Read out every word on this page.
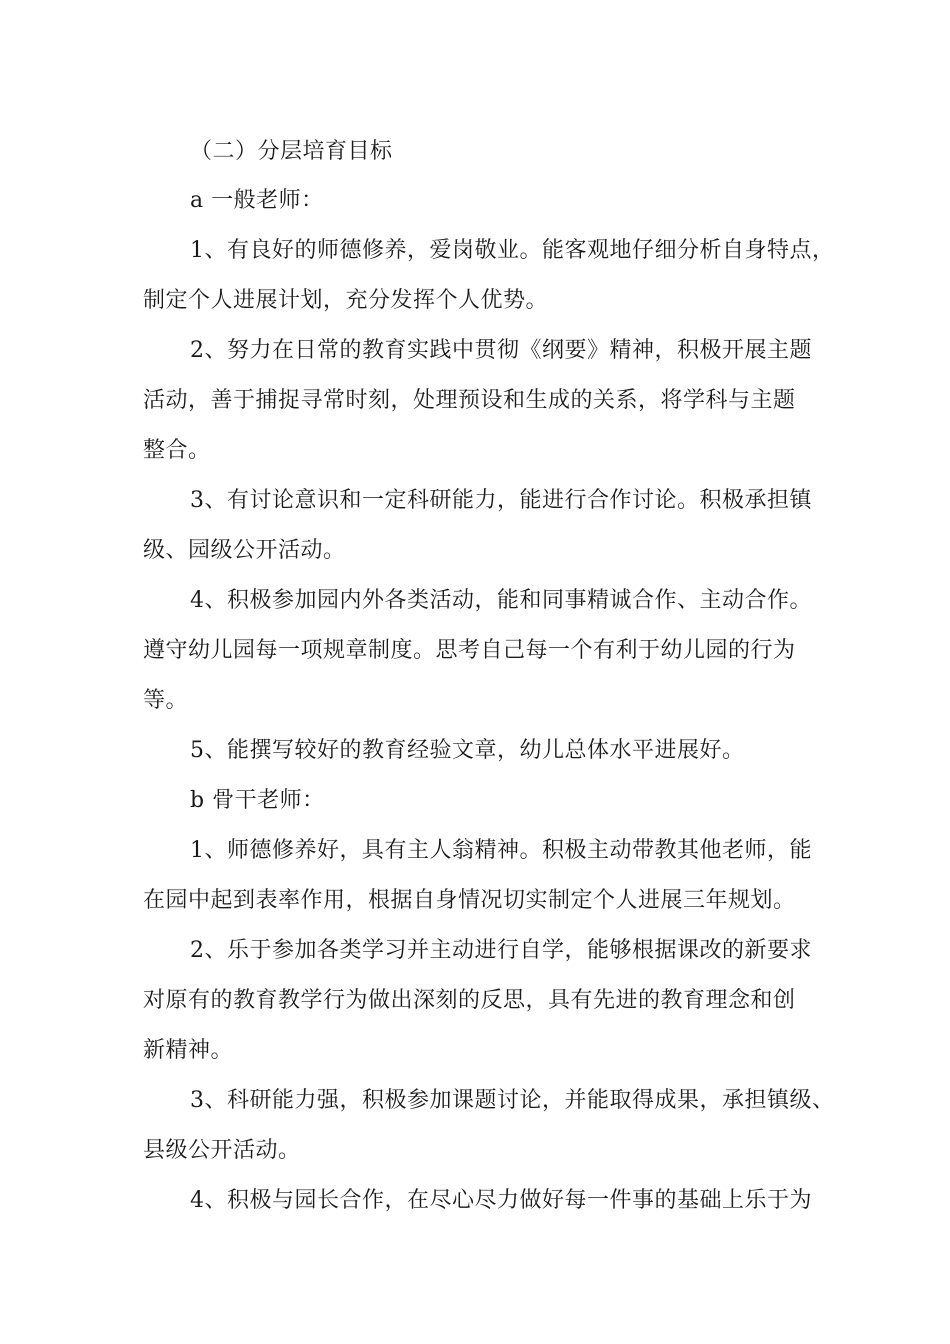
（二）分层培育目标
a 一般老师：
1、有良好的师德修养，爱岗敬业。能客观地仔细分析自身特点，
制定个人进展计划，充分发挥个人优势。
2、努力在日常的教育实践中贯彻《纲要》精神，积极开展主题
活动，善于捕捉寻常时刻，处理预设和生成的关系，将学科与主题
整合。
3、有讨论意识和一定科研能力，能进行合作讨论。积极承担镇
级、园级公开活动。
4、积极参加园内外各类活动，能和同事精诚合作、主动合作。
遵守幼儿园每一项规章制度。思考自己每一个有利于幼儿园的行为
等。
5、能撰写较好的教育经验文章，幼儿总体水平进展好。
b 骨干老师：
1、师德修养好，具有主人翁精神。积极主动带教其他老师，能
在园中起到表率作用，根据自身情况切实制定个人进展三年规划。
2、乐于参加各类学习并主动进行自学，能够根据课改的新要求
对原有的教育教学行为做出深刻的反思，具有先进的教育理念和创
新精神。
3、科研能力强，积极参加课题讨论，并能取得成果，承担镇级、
县级公开活动。
4、积极与园长合作，在尽心尽力做好每一件事的基础上乐于为
